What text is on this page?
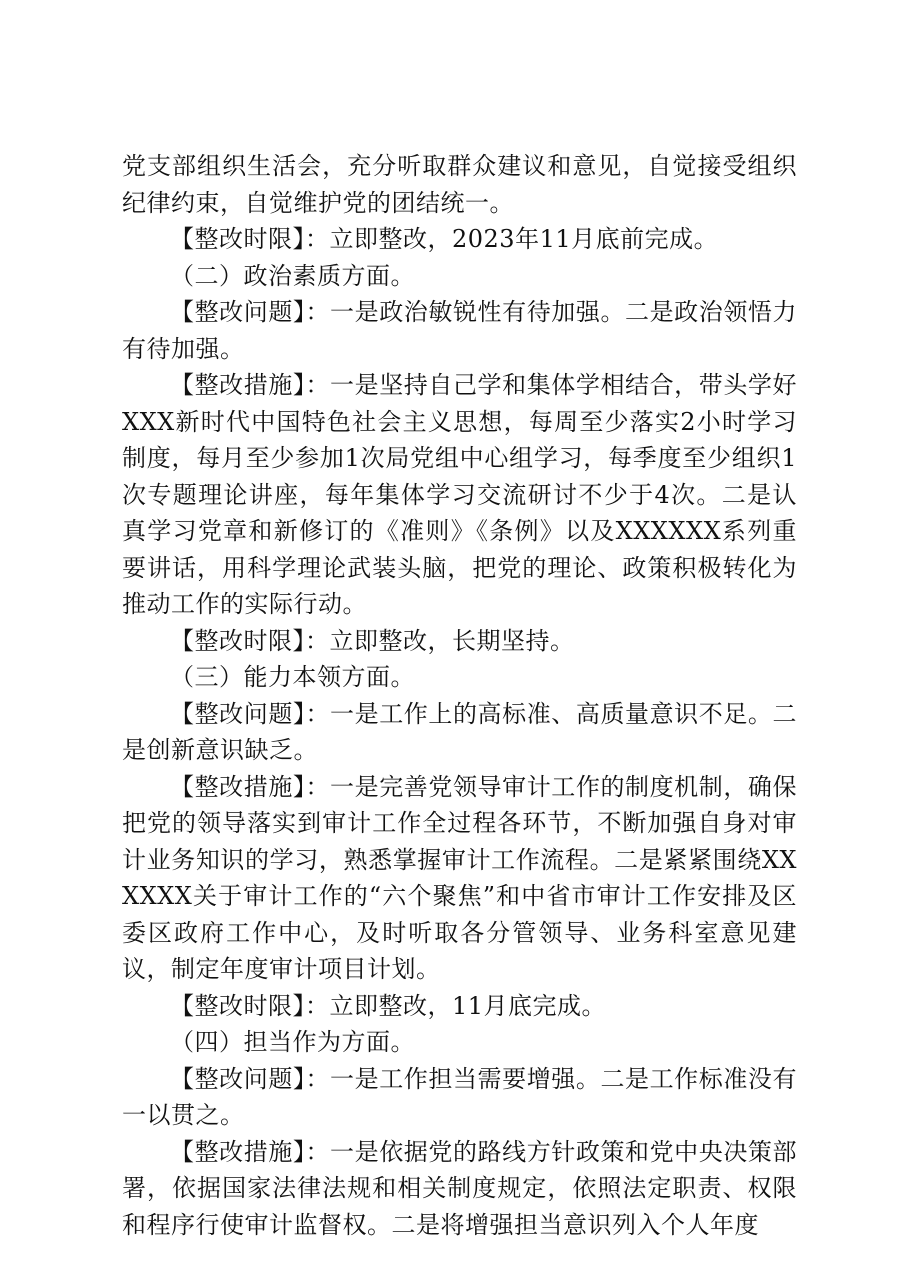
党支部组织生活会，充分听取群众建议和意见，自觉接受组织纪律约束，自觉维护党的团结统一。

【整改时限】：立即整改，2023年11月底前完成。

（二）政治素质方面。

【整改问题】：一是政治敏锐性有待加强。二是政治领悟力有待加强。

【整改措施】：一是坚持自己学和集体学相结合，带头学好XXX新时代中国特色社会主义思想，每周至少落实2小时学习制度，每月至少参加1次局党组中心组学习，每季度至少组织1次专题理论讲座，每年集体学习交流研讨不少于4次。二是认真学习党章和新修订的《准则》《条例》以及XXXXXX系列重要讲话，用科学理论武装头脑，把党的理论、政策积极转化为推动工作的实际行动。

【整改时限】：立即整改，长期坚持。

（三）能力本领方面。

【整改问题】：一是工作上的高标准、高质量意识不足。二是创新意识缺乏。

【整改措施】：一是完善党领导审计工作的制度机制，确保把党的领导落实到审计工作全过程各环节，不断加强自身对审计业务知识的学习，熟悉掌握审计工作流程。二是紧紧围绕XXXXXX关于审计工作的“六个聚焦”和中省市审计工作安排及区委区政府工作中心，及时听取各分管领导、业务科室意见建议，制定年度审计项目计划。

【整改时限】：立即整改，11月底完成。

（四）担当作为方面。

【整改问题】：一是工作担当需要增强。二是工作标准没有一以贯之。

【整改措施】：一是依据党的路线方针政策和党中央决策部署，依据国家法律法规和相关制度规定，依照法定职责、权限和程序行使审计监督权。二是将增强担当意识列入个人年度
